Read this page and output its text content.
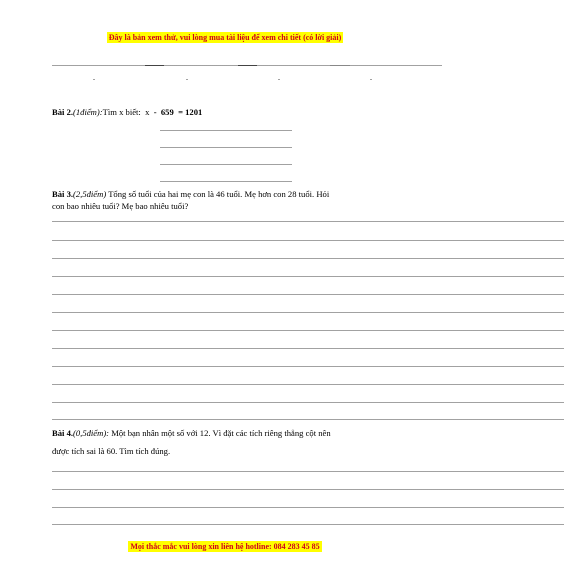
Đây là bản xem thử, vui lòng mua tài liệu để xem chi tiết (có lời giải)
........................................................
........................................................
........................................................
........................................................
.	.	.	.
Bài 2.(1điểm):Tìm x biết: x - 659 = 1201
..................................................................
..................................................................
..................................................................
..................................................................
Bài 3.(2,5điểm) Tổng số tuổi của hai mẹ con là 46 tuổi. Mẹ hơn con 28 tuổi. Hỏi
con bao nhiêu tuổi? Mẹ bao nhiêu tuổi?
................................................................................................................................................................................................................................................................
................................................................................................................................................................................................................................................................
................................................................................................................................................................................................................................................................
................................................................................................................................................................................................................................................................
................................................................................................................................................................................................................................................................
................................................................................................................................................................................................................................................................
................................................................................................................................................................................................................................................................
................................................................................................................................................................................................................................................................
................................................................................................................................................................................................................................................................
................................................................................................................................................................................................................................................................
................................................................................................................................................................................................................................................................
................................................................................................................................................................................................................................................................
Bài 4.(0,5điểm): Một bạn nhân một số với 12. Vì đặt các tích riêng thẳng cột nên
được tích sai là 60. Tìm tích đúng.
................................................................................................................................................................................................................................................................
................................................................................................................................................................................................................................................................
................................................................................................................................................................................................................................................................
................................................................................................................................................................................................................................................................
Mọi thắc mắc vui lòng xin liên hệ hotline: 084 283 45 85
